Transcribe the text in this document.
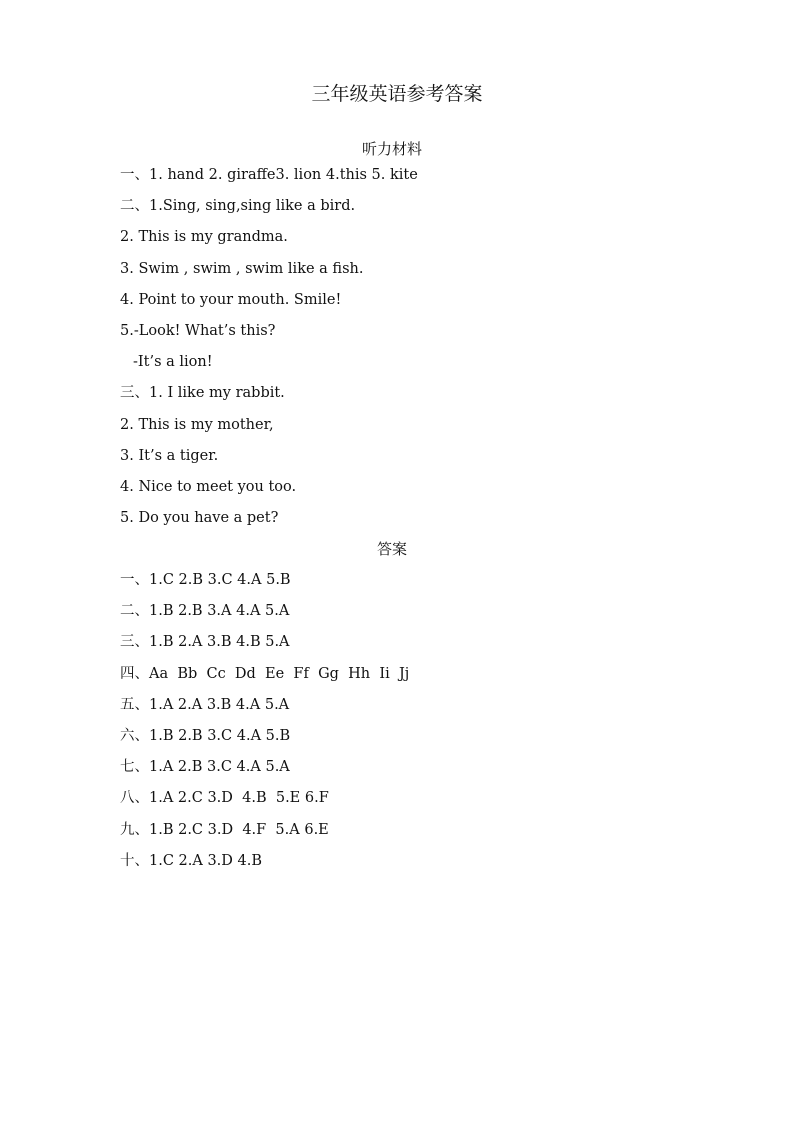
三年级英语参考答案
听力材料
一、1. hand 2. giraffe3. lion 4.this 5. kite
二、1.Sing, sing,sing like a bird.
2. This is my grandma.
3. Swim , swim , swim like a fish.
4. Point to your mouth. Smile!
5.-Look! What’s this?
-It’s a lion!
三、1. I like my rabbit.
2. This is my mother,
3. It’s a tiger.
4. Nice to meet you too.
5. Do you have a pet?
答案
一、1.C 2.B 3.C 4.A 5.B
二、1.B 2.B 3.A 4.A 5.A
三、1.B 2.A 3.B 4.B 5.A
四、Aa  Bb  Cc  Dd  Ee  Ff  Gg  Hh  Ii  Jj
五、1.A 2.A 3.B 4.A 5.A
六、1.B 2.B 3.C 4.A 5.B
七、1.A 2.B 3.C 4.A 5.A
八、1.A 2.C 3.D  4.B  5.E 6.F
九、1.B 2.C 3.D  4.F  5.A 6.E
十、1.C 2.A 3.D 4.B
